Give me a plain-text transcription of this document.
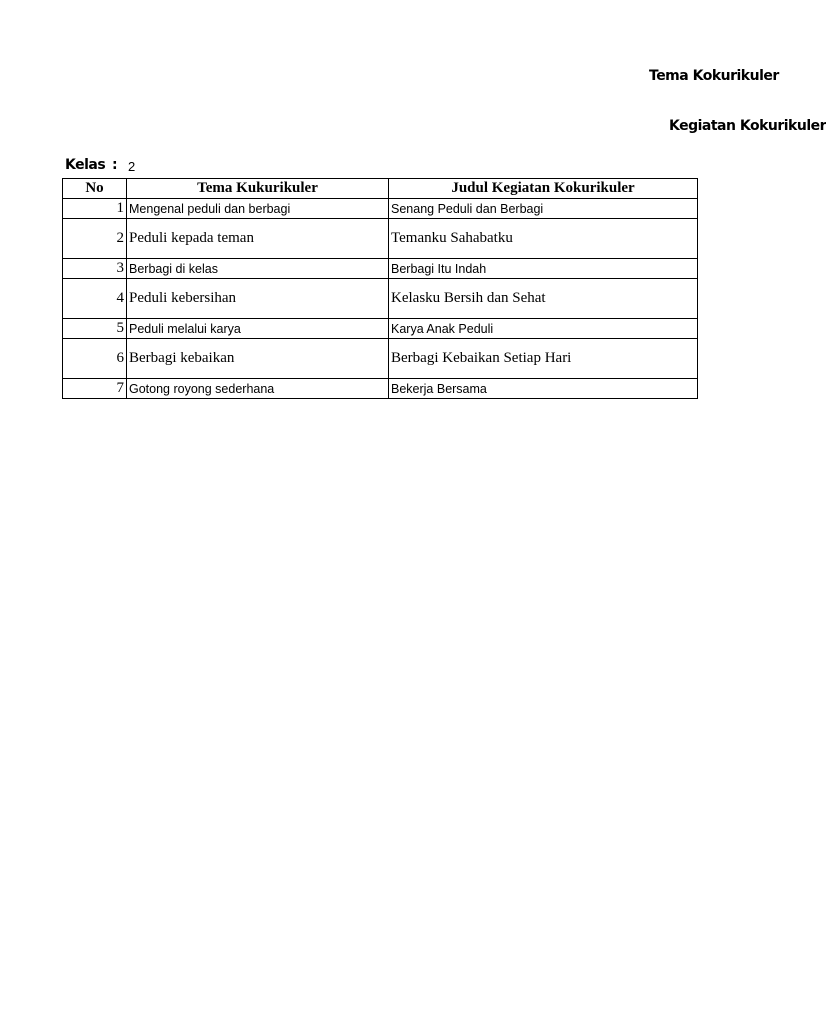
Tema Kokurikuler
Kegiatan Kokurikuler
Kelas : 2
No	Tema Kukurikuler	Judul Kegiatan Kokurikuler
1	Mengenal peduli dan berbagi	Senang Peduli dan Berbagi
2	Peduli kepada teman	Temanku Sahabatku
3	Berbagi di kelas	Berbagi Itu Indah
4	Peduli kebersihan	Kelasku Bersih dan Sehat
5	Peduli melalui karya	Karya Anak Peduli
6	Berbagi kebaikan	Berbagi Kebaikan Setiap Hari
7	Gotong royong sederhana	Bekerja Bersama
